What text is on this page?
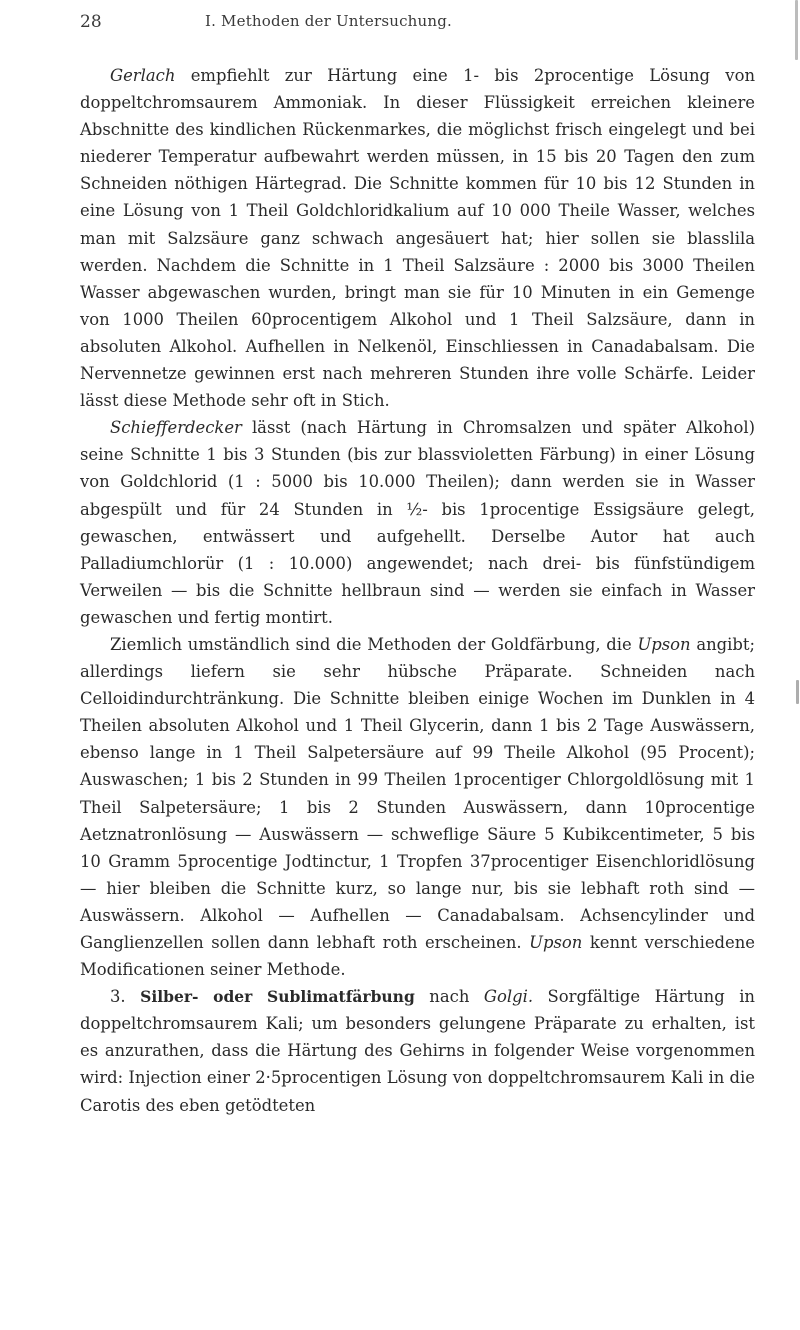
28	I. Methoden der Untersuchung.

Gerlach empfiehlt zur Härtung eine 1- bis 2procentige Lösung von doppeltchromsaurem Ammoniak. In dieser Flüssigkeit erreichen kleinere Abschnitte des kindlichen Rückenmarkes, die möglichst frisch eingelegt und bei niederer Temperatur aufbewahrt werden müssen, in 15 bis 20 Tagen den zum Schneiden nöthigen Härtegrad. Die Schnitte kommen für 10 bis 12 Stunden in eine Lösung von 1 Theil Goldchloridkalium auf 10 000 Theile Wasser, welches man mit Salzsäure ganz schwach angesäuert hat; hier sollen sie blasslila werden. Nachdem die Schnitte in 1 Theil Salzsäure : 2000 bis 3000 Theilen Wasser abgewaschen wurden, bringt man sie für 10 Minuten in ein Gemenge von 1000 Theilen 60procentigem Alkohol und 1 Theil Salzsäure, dann in absoluten Alkohol. Aufhellen in Nelkenöl, Einschliessen in Canadabalsam. Die Nervennetze gewinnen erst nach mehreren Stunden ihre volle Schärfe. Leider lässt diese Methode sehr oft in Stich.

Schiefferdecker lässt (nach Härtung in Chromsalzen und später Alkohol) seine Schnitte 1 bis 3 Stunden (bis zur blassvioletten Färbung) in einer Lösung von Goldchlorid (1 : 5000 bis 10.000 Theilen); dann werden sie in Wasser abgespült und für 24 Stunden in ½- bis 1procentige Essigsäure gelegt, gewaschen, entwässert und aufgehellt. Derselbe Autor hat auch Palladiumchlorür (1 : 10.000) angewendet; nach drei- bis fünfstündigem Verweilen — bis die Schnitte hellbraun sind — werden sie einfach in Wasser gewaschen und fertig montirt.

Ziemlich umständlich sind die Methoden der Goldfärbung, die Upson angibt; allerdings liefern sie sehr hübsche Präparate. Schneiden nach Celloidindurchtränkung. Die Schnitte bleiben einige Wochen im Dunklen in 4 Theilen absoluten Alkohol und 1 Theil Glycerin, dann 1 bis 2 Tage Auswässern, ebenso lange in 1 Theil Salpetersäure auf 99 Theile Alkohol (95 Procent); Auswaschen; 1 bis 2 Stunden in 99 Theilen 1procentiger Chlorgoldlösung mit 1 Theil Salpetersäure; 1 bis 2 Stunden Auswässern, dann 10procentige Aetznatronlösung — Auswässern — schweflige Säure 5 Kubikcentimeter, 5 bis 10 Gramm 5procentige Jodtinctur, 1 Tropfen 37procentiger Eisenchloridlösung — hier bleiben die Schnitte kurz, so lange nur, bis sie lebhaft roth sind — Auswässern. Alkohol — Aufhellen — Canadabalsam. Achsencylinder und Ganglienzellen sollen dann lebhaft roth erscheinen. Upson kennt verschiedene Modificationen seiner Methode.

3. Silber- oder Sublimatfärbung nach Golgi. Sorgfältige Härtung in doppeltchromsaurem Kali; um besonders gelungene Präparate zu erhalten, ist es anzurathen, dass die Härtung des Gehirns in folgender Weise vorgenommen wird: Injection einer 2·5procentigen Lösung von doppeltchromsaurem Kali in die Carotis des eben getödteten
